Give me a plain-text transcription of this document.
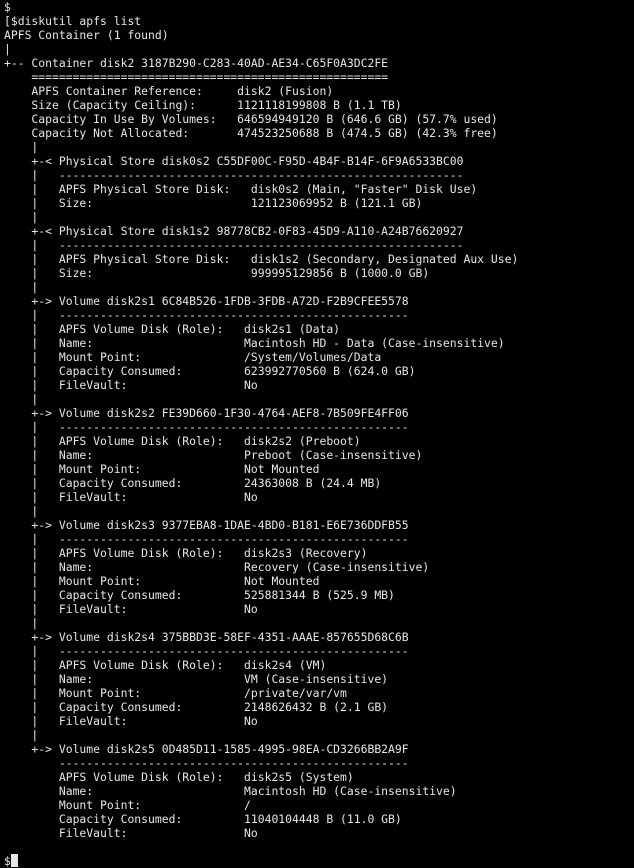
$
[$diskutil apfs list
APFS Container (1 found)
|
+-- Container disk2 3187B290-C283-40AD-AE34-C65F0A3DC2FE
====================================================
APFS Container Reference:     disk2 (Fusion)
Size (Capacity Ceiling):      1121118199808 B (1.1 TB)
Capacity In Use By Volumes:   646594949120 B (646.6 GB) (57.7% used)
Capacity Not Allocated:       474523250688 B (474.5 GB) (42.3% free)
|
+-< Physical Store disk0s2 C55DF00C-F95D-4B4F-B14F-6F9A6533BC00
|   -----------------------------------------------------------
|   APFS Physical Store Disk:   disk0s2 (Main, "Faster" Disk Use)
|   Size:                       121123069952 B (121.1 GB)
|
+-< Physical Store disk1s2 98778CB2-0F83-45D9-A110-A24B76620927
|   -----------------------------------------------------------
|   APFS Physical Store Disk:   disk1s2 (Secondary, Designated Aux Use)
|   Size:                       999995129856 B (1000.0 GB)
|
+-> Volume disk2s1 6C84B526-1FDB-3FDB-A72D-F2B9CFEE5578
|   ---------------------------------------------------
|   APFS Volume Disk (Role):   disk2s1 (Data)
|   Name:                      Macintosh HD - Data (Case-insensitive)
|   Mount Point:               /System/Volumes/Data
|   Capacity Consumed:         623992770560 B (624.0 GB)
|   FileVault:                 No
|
+-> Volume disk2s2 FE39D660-1F30-4764-AEF8-7B509FE4FF06
|   ---------------------------------------------------
|   APFS Volume Disk (Role):   disk2s2 (Preboot)
|   Name:                      Preboot (Case-insensitive)
|   Mount Point:               Not Mounted
|   Capacity Consumed:         24363008 B (24.4 MB)
|   FileVault:                 No
|
+-> Volume disk2s3 9377EBA8-1DAE-4BD0-B181-E6E736DDFB55
|   ---------------------------------------------------
|   APFS Volume Disk (Role):   disk2s3 (Recovery)
|   Name:                      Recovery (Case-insensitive)
|   Mount Point:               Not Mounted
|   Capacity Consumed:         525881344 B (525.9 MB)
|   FileVault:                 No
|
+-> Volume disk2s4 375BBD3E-58EF-4351-AAAE-857655D68C6B
|   ---------------------------------------------------
|   APFS Volume Disk (Role):   disk2s4 (VM)
|   Name:                      VM (Case-insensitive)
|   Mount Point:               /private/var/vm
|   Capacity Consumed:         2148626432 B (2.1 GB)
|   FileVault:                 No
|
+-> Volume disk2s5 0D485D11-1585-4995-98EA-CD3266BB2A9F
---------------------------------------------------
APFS Volume Disk (Role):   disk2s5 (System)
Name:                      Macintosh HD (Case-insensitive)
Mount Point:               /
Capacity Consumed:         11040104448 B (11.0 GB)
FileVault:                 No
$
